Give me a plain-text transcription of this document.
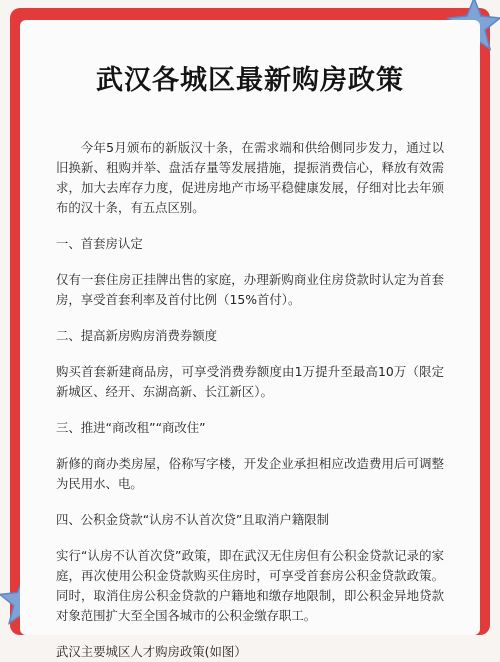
武汉各城区最新购房政策

今年5月颁布的新版汉十条，在需求端和供给侧同步发力，通过以旧换新、租购并举、盘活存量等发展措施，提振消费信心，释放有效需求，加大去库存力度，促进房地产市场平稳健康发展，仔细对比去年颁布的汉十条，有五点区别。

一、首套房认定

仅有一套住房正挂牌出售的家庭，办理新购商业住房贷款时认定为首套房，享受首套利率及首付比例（15%首付）。

二、提高新房购房消费券额度

购买首套新建商品房，可享受消费券额度由1万提升至最高10万（限定新城区、经开、东湖高新、长江新区）。

三、推进“商改租”“商改住”

新修的商办类房屋，俗称写字楼，开发企业承担相应改造费用后可调整为民用水、电。

四、公积金贷款“认房不认首次贷”且取消户籍限制

实行“认房不认首次贷”政策，即在武汉无住房但有公积金贷款记录的家庭，再次使用公积金贷款购买住房时，可享受首套房公积金贷款政策。同时，取消住房公积金贷款的户籍地和缴存地限制，即公积金异地贷款对象范围扩大至全国各城市的公积金缴存职工。

武汉主要城区人才购房政策(如图）
